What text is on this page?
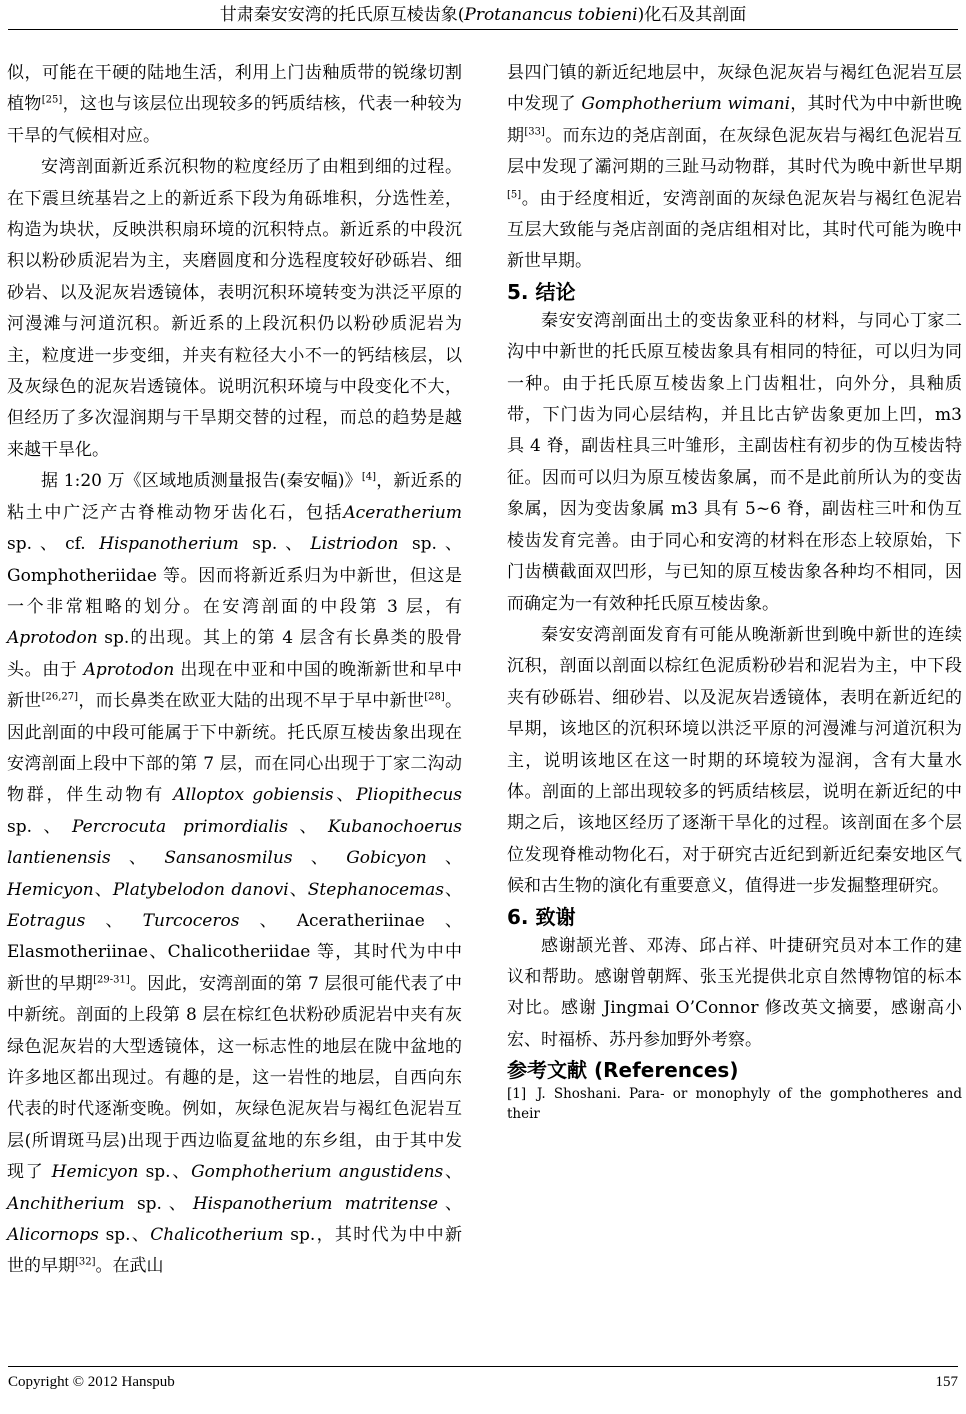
甘肃秦安安湾的托氏原互棱齿象(Protanancus tobieni)化石及其剖面

似，可能在干硬的陆地生活，利用上门齿釉质带的锐缘切割植物[25]，这也与该层位出现较多的钙质结核，代表一种较为干旱的气候相对应。

安湾剖面新近系沉积物的粒度经历了由粗到细的过程。在下震旦统基岩之上的新近系下段为角砾堆积，分选性差，构造为块状，反映洪积扇环境的沉积特点。新近系的中段沉积以粉砂质泥岩为主，夹磨圆度和分选程度较好砂砾岩、细砂岩、以及泥灰岩透镜体，表明沉积环境转变为洪泛平原的河漫滩与河道沉积。新近系的上段沉积仍以粉砂质泥岩为主，粒度进一步变细，并夹有粒径大小不一的钙结核层，以及灰绿色的泥灰岩透镜体。说明沉积环境与中段变化不大，但经历了多次湿润期与干旱期交替的过程，而总的趋势是越来越干旱化。

据 1:20 万《区域地质测量报告(秦安幅)》[4]，新近系的粘土中广泛产古脊椎动物牙齿化石，包括Aceratherium sp.、cf. Hispanotherium sp.、Listriodon sp.、Gomphotheriidae 等。因而将新近系归为中新世，但这是一个非常粗略的划分。在安湾剖面的中段第 3 层，有 Aprotodon sp.的出现。其上的第 4 层含有长鼻类的股骨头。由于 Aprotodon 出现在中亚和中国的晚渐新世和早中新世[26,27]，而长鼻类在欧亚大陆的出现不早于早中新世[28]。因此剖面的中段可能属于下中新统。托氏原互棱齿象出现在安湾剖面上段中下部的第 7 层，而在同心出现于丁家二沟动物群，伴生动物有 Alloptox gobiensis、Pliopithecus sp.、Percrocuta primordialis、Kubanochoerus lantienensis、Sansanosmilus、Gobicyon、Hemicyon、Platybelodon danovi、Stephanocemas、Eotragus、Turcoceros、Aceratheriinae、Elasmotheriinae、Chalicotheriidae 等，其时代为中中新世的早期[29-31]。因此，安湾剖面的第 7 层很可能代表了中中新统。剖面的上段第 8 层在棕红色状粉砂质泥岩中夹有灰绿色泥灰岩的大型透镜体，这一标志性的地层在陇中盆地的许多地区都出现过。有趣的是，这一岩性的地层，自西向东代表的时代逐渐变晚。例如，灰绿色泥灰岩与褐红色泥岩互层(所谓斑马层)出现于西边临夏盆地的东乡组，由于其中发现了 Hemicyon sp.、Gomphotherium angustidens、Anchitherium sp.、Hispanotherium matritense、Alicornops sp.、Chalicotherium sp.，其时代为中中新世的早期[32]。在武山

县四门镇的新近纪地层中，灰绿色泥灰岩与褐红色泥岩互层中发现了 Gomphotherium wimani，其时代为中中新世晚期[33]。而东边的尧店剖面，在灰绿色泥灰岩与褐红色泥岩互层中发现了灞河期的三趾马动物群，其时代为晚中新世早期[5]。由于经度相近，安湾剖面的灰绿色泥灰岩与褐红色泥岩互层大致能与尧店剖面的尧店组相对比，其时代可能为晚中新世早期。

5. 结论

秦安安湾剖面出土的变齿象亚科的材料，与同心丁家二沟中中新世的托氏原互棱齿象具有相同的特征，可以归为同一种。由于托氏原互棱齿象上门齿粗壮，向外分，具釉质带，下门齿为同心层结构，并且比古铲齿象更加上凹，m3 具 4 脊，副齿柱具三叶雏形，主副齿柱有初步的伪互棱齿特征。因而可以归为原互棱齿象属，而不是此前所认为的变齿象属，因为变齿象属 m3 具有 5~6 脊，副齿柱三叶和伪互棱齿发育完善。由于同心和安湾的材料在形态上较原始，下门齿横截面双凹形，与已知的原互棱齿象各种均不相同，因而确定为一有效种托氏原互棱齿象。

秦安安湾剖面发育有可能从晚渐新世到晚中新世的连续沉积，剖面以剖面以棕红色泥质粉砂岩和泥岩为主，中下段夹有砂砾岩、细砂岩、以及泥灰岩透镜体，表明在新近纪的早期，该地区的沉积环境以洪泛平原的河漫滩与河道沉积为主，说明该地区在这一时期的环境较为湿润，含有大量水体。剖面的上部出现较多的钙质结核层，说明在新近纪的中期之后，该地区经历了逐渐干旱化的过程。该剖面在多个层位发现脊椎动物化石，对于研究古近纪到新近纪秦安地区气候和古生物的演化有重要意义，值得进一步发掘整理研究。

6. 致谢

感谢颉光普、邓涛、邱占祥、叶捷研究员对本工作的建议和帮助。感谢曾朝辉、张玉光提供北京自然博物馆的标本对比。感谢 Jingmai O’Connor 修改英文摘要，感谢高小宏、时福桥、苏丹参加野外考察。

参考文献 (References)

[1] J. Shoshani. Para- or monophyly of the gomphotheres and their

Copyright © 2012 Hanspub	157
